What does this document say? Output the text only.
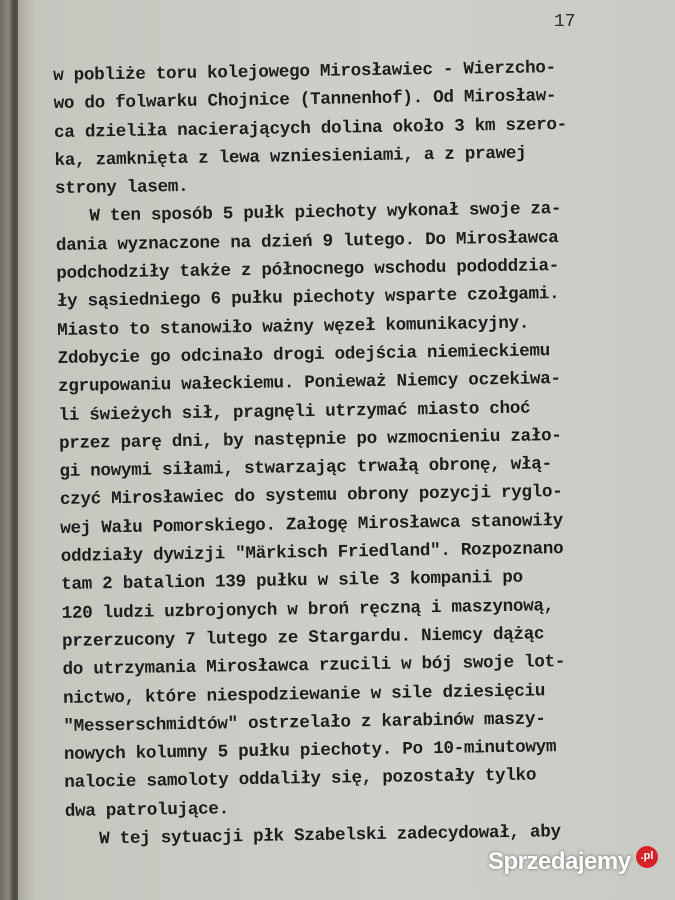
17
w pobliże toru kolejowego Mirosławiec - Wierzcho-
wo do folwarku Chojnice (Tannenhof). Od Mirosław-
ca dzieliła nacierających dolina około 3 km szero-
ka, zamknięta z lewa wzniesieniami, a z prawej
strony lasem.
W ten sposób 5 pułk piechoty wykonał swoje za-
dania wyznaczone na dzień 9 lutego. Do Mirosławca
podchodziły także z północnego wschodu pododdzia-
ły sąsiedniego 6 pułku piechoty wsparte czołgami.
Miasto to stanowiło ważny węzeł komunikacyjny.
Zdobycie go odcinało drogi odejścia niemieckiemu
zgrupowaniu wałeckiemu. Ponieważ Niemcy oczekiwa-
li świeżych sił, pragnęli utrzymać miasto choć
przez parę dni, by następnie po wzmocnieniu zało-
gi nowymi siłami, stwarzając trwałą obronę, włą-
czyć Mirosławiec do systemu obrony pozycji ryglo-
wej Wału Pomorskiego. Załogę Mirosławca stanowiły
oddziały dywizji "Märkisch Friedland". Rozpoznano
tam 2 batalion 139 pułku w sile 3 kompanii po
120 ludzi uzbrojonych w broń ręczną i maszynową,
przerzucony 7 lutego ze Stargardu. Niemcy dążąc
do utrzymania Mirosławca rzucili w bój swoje lot-
nictwo, które niespodziewanie w sile dziesięciu
"Messerschmidtów" ostrzelało z karabinów maszy-
nowych kolumny 5 pułku piechoty. Po 10-minutowym
nalocie samoloty oddaliły się, pozostały tylko
dwa patrolujące.
W tej sytuacji płk Szabelski zadecydował, aby
Sprzedajemy .pl
